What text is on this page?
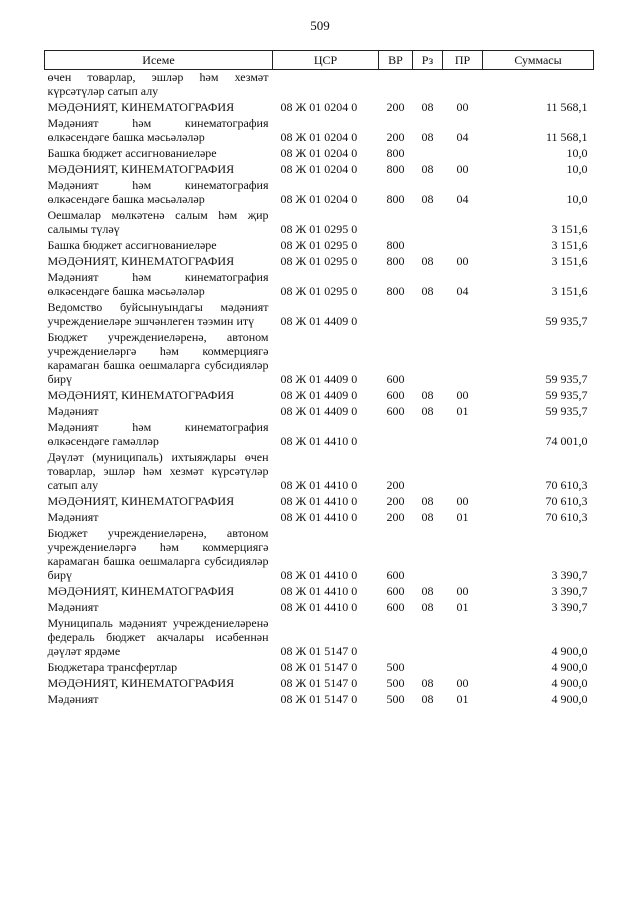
509
Исеме	ЦСР	ВР	Рз	ПР	Суммасы
өчен товарлар, эшләр һәм хезмәт күрсәтүләр сатып алу					
МӘДӘНИЯТ, КИНЕМАТОГРАФИЯ	08 Ж 01 0204 0	200	08	00	11 568,1
Мәдәният һәм кинематография өлкәсендәге башка мәсьәләләр	08 Ж 01 0204 0	200	08	04	11 568,1
Башка бюджет ассигнованиеләре	08 Ж 01 0204 0	800			10,0
МӘДӘНИЯТ, КИНЕМАТОГРАФИЯ	08 Ж 01 0204 0	800	08	00	10,0
Мәдәният һәм кинематография өлкәсендәге башка мәсьәләләр	08 Ж 01 0204 0	800	08	04	10,0
Оешмалар мөлкәтенә салым һәм җир салымы түләү	08 Ж 01 0295 0				3 151,6
Башка бюджет ассигнованиеләре	08 Ж 01 0295 0	800			3 151,6
МӘДӘНИЯТ, КИНЕМАТОГРАФИЯ	08 Ж 01 0295 0	800	08	00	3 151,6
Мәдәният һәм кинематография өлкәсендәге башка мәсьәләләр	08 Ж 01 0295 0	800	08	04	3 151,6
Ведомство буйсынуындагы мәдәният учреждениеләре эшчәнлеген тәэмин итү	08 Ж 01 4409 0				59 935,7
Бюджет учреждениеләренә, автоном учреждениеләргә һәм коммерциягә карамаган башка оешмаларга субсидияләр бирү	08 Ж 01 4409 0	600			59 935,7
МӘДӘНИЯТ, КИНЕМАТОГРАФИЯ	08 Ж 01 4409 0	600	08	00	59 935,7
Мәдәният	08 Ж 01 4409 0	600	08	01	59 935,7
Мәдәният һәм кинематография өлкәсендәге гамәлләр	08 Ж 01 4410 0				74 001,0
Дәүләт (муниципаль) ихтыяҗлары өчен товарлар, эшләр һәм хезмәт күрсәтүләр сатып алу	08 Ж 01 4410 0	200			70 610,3
МӘДӘНИЯТ, КИНЕМАТОГРАФИЯ	08 Ж 01 4410 0	200	08	00	70 610,3
Мәдәният	08 Ж 01 4410 0	200	08	01	70 610,3
Бюджет учреждениеләренә, автоном учреждениеләргә һәм коммерциягә карамаган башка оешмаларга субсидияләр бирү	08 Ж 01 4410 0	600			3 390,7
МӘДӘНИЯТ, КИНЕМАТОГРАФИЯ	08 Ж 01 4410 0	600	08	00	3 390,7
Мәдәният	08 Ж 01 4410 0	600	08	01	3 390,7
Муниципаль мәдәният учреждениеләренә федераль бюджет акчалары исәбеннән дәүләт ярдәме	08 Ж 01 5147 0				4 900,0
Бюджетара трансфертлар	08 Ж 01 5147 0	500			4 900,0
МӘДӘНИЯТ, КИНЕМАТОГРАФИЯ	08 Ж 01 5147 0	500	08	00	4 900,0
Мәдәният	08 Ж 01 5147 0	500	08	01	4 900,0
